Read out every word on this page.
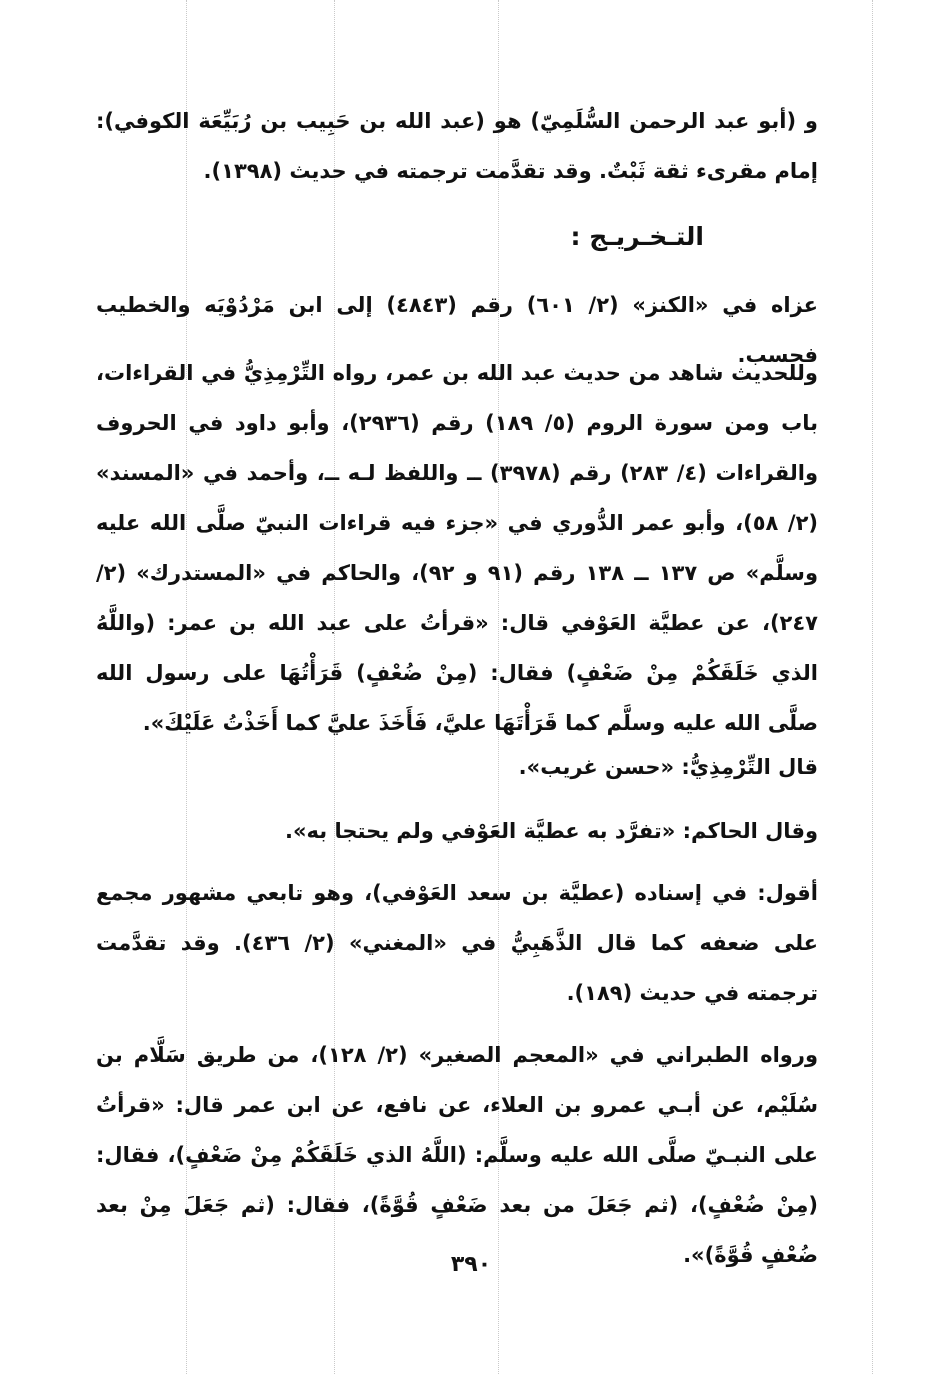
و (أبو عبد الرحمن السُّلَمِيّ) هو (عبد الله بن حَبِيب بن رُبَيِّعَة الكوفي): إمام مقرىء ثقة ثَبْتٌ. وقد تقدَّمت ترجمته في حديث (١٣٩٨).

التـخـريـج :

عزاه في «الكنز» (٢/ ٦٠١) رقم (٤٨٤٣) إلى ابن مَرْدُوْيَه والخطيب فحسب.

وللحديث شاهد من حديث عبد الله بن عمر، رواه التِّرْمِذِيُّ في القراءات، باب ومن سورة الروم (٥/ ١٨٩) رقم (٢٩٣٦)، وأبو داود في الحروف والقراءات (٤/ ٢٨٣) رقم (٣٩٧٨) ــ واللفظ لـه ــ، وأحمد في «المسند» (٢/ ٥٨)، وأبو عمر الدُّوري في «جزء فيه قراءات النبيّ صلَّى الله عليه وسلَّم» ص ١٣٧ ــ ١٣٨ رقم (٩١ و ٩٢)، والحاكم في «المستدرك» (٢/ ٢٤٧)، عن عطيَّة العَوْفي قال: «قرأتُ على عبد الله بن عمر: (واللَّهُ الذي خَلَقَكُمْ مِنْ ضَعْفٍ) فقال: (مِنْ ضُعْفٍ) قَرَأْتُهَا على رسول الله صلَّى الله عليه وسلَّم كما قَرَأْتَهَا عليَّ، فَأَخَذَ عليَّ كما أَخَذْتُ عَلَيْكَ».

قال التِّرْمِذِيُّ: «حسن غريب».

وقال الحاكم: «تفرَّد به عطيَّة العَوْفي ولم يحتجا به».

أقول: في إسناده (عطيَّة بن سعد العَوْفي)، وهو تابعي مشهور مجمع على ضعفه كما قال الذَّهَبِيُّ في «المغني» (٢/ ٤٣٦). وقد تقدَّمت ترجمته في حديث (١٨٩).

ورواه الطبراني في «المعجم الصغير» (٢/ ١٢٨)، من طريق سَلَّام بن سُلَيْم، عن أبـي عمرو بن العلاء، عن نافع، عن ابن عمر قال: «قرأتُ على النبـيّ صلَّى الله عليه وسلَّم: (اللَّهُ الذي خَلَقَكُمْ مِنْ ضَعْفٍ)، فقال: (مِنْ ضُعْفٍ)، (ثم جَعَلَ من بعد ضَعْفٍ قُوَّةً)، فقال: (ثم جَعَلَ مِنْ بعد ضُعْفٍ قُوَّةً)».

٣٩٠
